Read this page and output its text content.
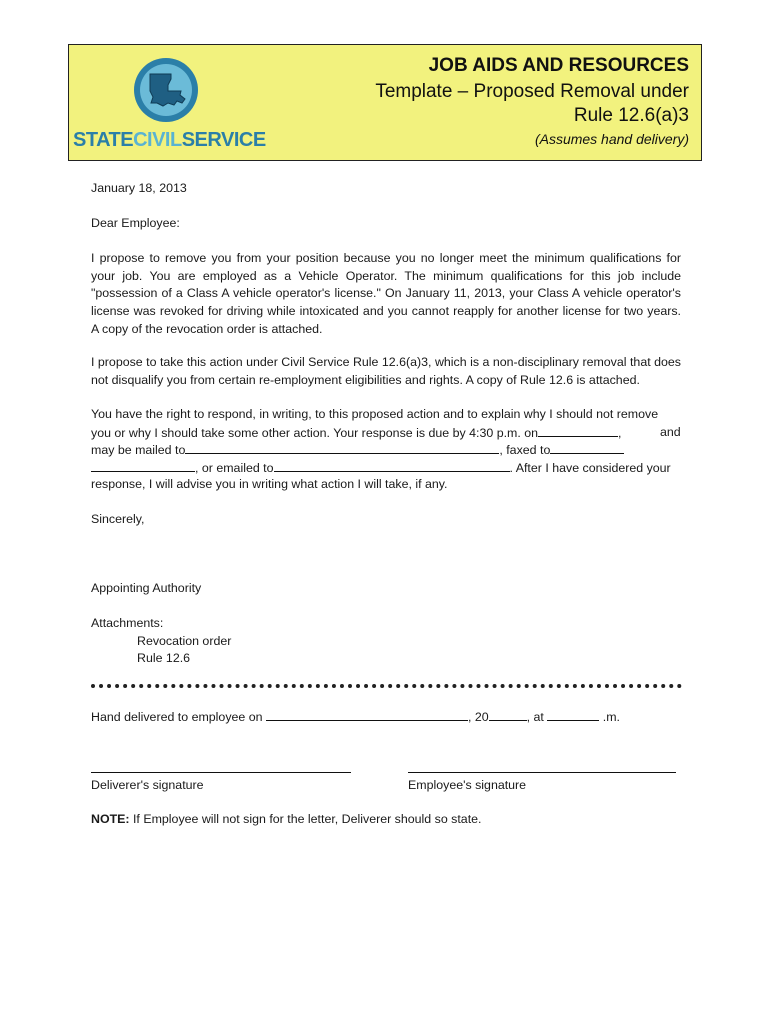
STATECIVILSERVICE
JOB AIDS AND RESOURCES
Template – Proposed Removal under
Rule 12.6(a)3
(Assumes hand delivery)
January 18, 2013
Dear Employee:
I propose to remove you from your position because you no longer meet the minimum qualifications for your job. You are employed as a Vehicle Operator. The minimum qualifications for this job include "possession of a Class A vehicle operator's license." On January 11, 2013, your Class A vehicle operator's license was revoked for driving while intoxicated and you cannot reapply for another license for two years. A copy of the revocation order is attached.
I propose to take this action under Civil Service Rule 12.6(a)3, which is a non-disciplinary removal that does not disqualify you from certain re-employment eligibilities and rights. A copy of Rule 12.6 is attached.
You have the right to respond, in writing, to this proposed action and to explain why I should not remove
you or why I should take some other action. Your response is due by 4:30 p.m. on	,	and
may be mailed to	, faxed to
, or emailed to	. After I have considered your
response, I will advise you in writing what action I will take, if any.
Sincerely,
Appointing Authority
Attachments:
Revocation order
Rule 12.6
Hand delivered to employee on	, 20	, at	.m.
Deliverer's signature	Employee's signature
NOTE: If Employee will not sign for the letter, Deliverer should so state.
